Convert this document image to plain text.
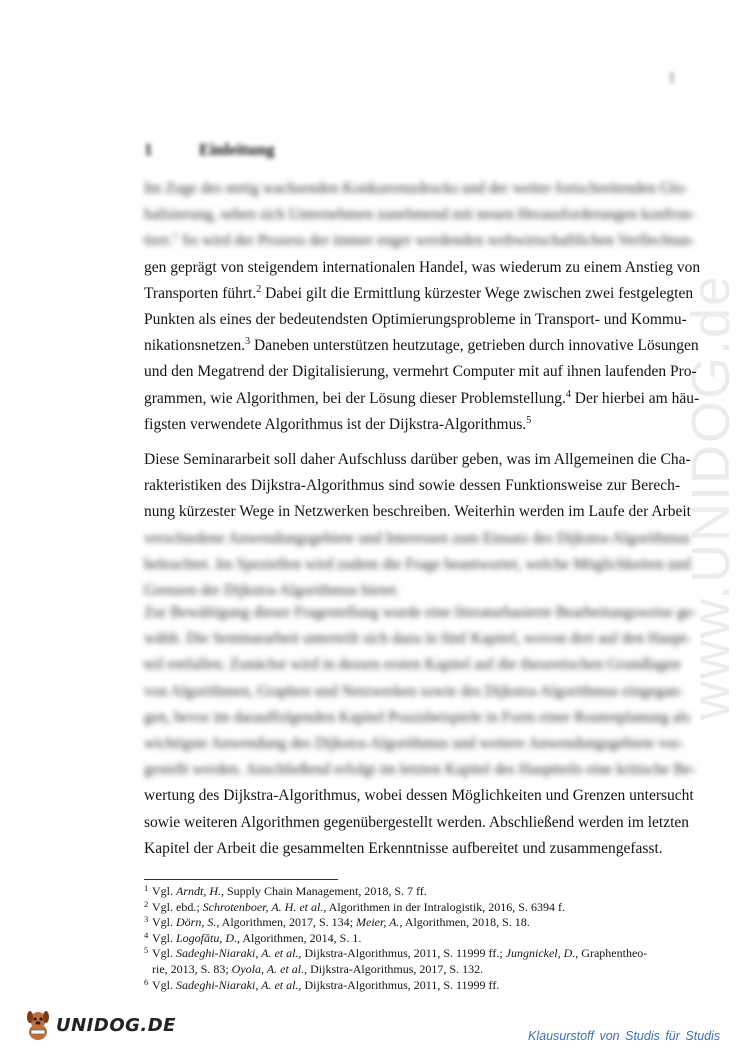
www.UNIDOG.de
1
1	Einleitung
Im Zuge des stetig wachsenden Konkurrenzdrucks und der weiter fortschreitenden Glo-
balisierung, sehen sich Unternehmen zunehmend mit neuen Herausforderungen konfron-
tiert.$^1$ So wird der Prozess der immer enger werdenden weltwirtschaftlichen Verflechtun-
gen geprägt von steigendem internationalen Handel, was wiederum zu einem Anstieg von
Transporten führt.$^2$ Dabei gilt die Ermittlung kürzester Wege zwischen zwei festgelegten
Punkten als eines der bedeutendsten Optimierungsprobleme in Transport- und Kommu-
nikationsnetzen.$^3$ Daneben unterstützen heutzutage, getrieben durch innovative Lösungen
und den Megatrend der Digitalisierung, vermehrt Computer mit auf ihnen laufenden Pro-
grammen, wie Algorithmen, bei der Lösung dieser Problemstellung.$^4$ Der hierbei am häu-
figsten verwendete Algorithmus ist der Dijkstra-Algorithmus.$^5$
Diese Seminararbeit soll daher Aufschluss darüber geben, was im Allgemeinen die Cha-
rakteristiken des Dijkstra-Algorithmus sind sowie dessen Funktionsweise zur Berech-
nung kürzester Wege in Netzwerken beschreiben. Weiterhin werden im Laufe der Arbeit
verschiedene Anwendungsgebiete und Interessen zum Einsatz des Dijkstra-Algorithmus
beleuchtet. Im Speziellen wird zudem die Frage beantwortet, welche Möglichkeiten und
Grenzen der Dijkstra-Algorithmus bietet.
Zur Bewältigung dieser Fragestellung wurde eine literaturbasierte Bearbeitungsweise ge-
wählt. Die Seminararbeit unterteilt sich dazu in fünf Kapitel, wovon drei auf den Haupt-
teil entfallen. Zunächst wird in dessen ersten Kapitel auf die theoretischen Grundlagen
von Algorithmen, Graphen und Netzwerken sowie des Dijkstra-Algorithmus eingegan-
gen, bevor im darauffolgenden Kapitel Praxisbeispiele in Form einer Routenplanung als
wichtigste Anwendung des Dijkstra-Algorithmus und weitere Anwendungsgebiete vor-
gestellt werden. Anschließend erfolgt im letzten Kapitel des Hauptteils eine kritische Be-
wertung des Dijkstra-Algorithmus, wobei dessen Möglichkeiten und Grenzen untersucht
sowie weiteren Algorithmen gegenübergestellt werden. Abschließend werden im letzten
Kapitel der Arbeit die gesammelten Erkenntnisse aufbereitet und zusammengefasst.
1 Vgl. Arndt, H., Supply Chain Management, 2018, S. 7 ff.
2 Vgl. ebd.; Schrotenboer, A. H. et al., Algorithmen in der Intralogistik, 2016, S. 6394 f.
3 Vgl. Dörn, S., Algorithmen, 2017, S. 134; Meier, A., Algorithmen, 2018, S. 18.
4 Vgl. Logofătu, D., Algorithmen, 2014, S. 1.
5 Vgl. Sadeghi-Niaraki, A. et al., Dijkstra-Algorithmus, 2011, S. 11999 ff.; Jungnickel, D., Graphentheo-
rie, 2013, S. 83; Oyola, A. et al., Dijkstra-Algorithmus, 2017, S. 132.
6 Vgl. Sadeghi-Niaraki, A. et al., Dijkstra-Algorithmus, 2011, S. 11999 ff.
UNIDOG.DE
Klausurstoff von Studis für Studis
